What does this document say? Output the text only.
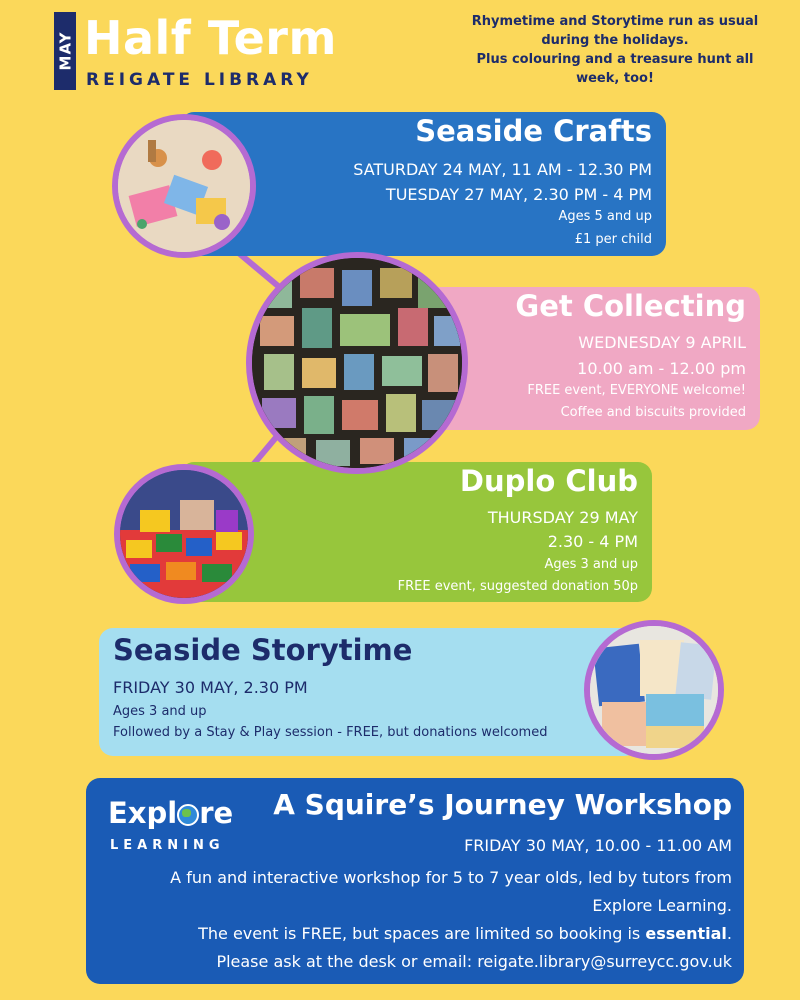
MAY Half Term
REIGATE LIBRARY
Rhymetime and Storytime run as usual
during the holidays.
Plus colouring and a treasure hunt all
week, too!
Seaside Crafts
SATURDAY 24 MAY, 11 AM - 12.30 PM
TUESDAY 27 MAY, 2.30 PM - 4 PM
Ages 5 and up
£1 per child
Get Collecting
WEDNESDAY 9 APRIL
10.00 am - 12.00 pm
FREE event, EVERYONE welcome!
Coffee and biscuits provided
Duplo Club
THURSDAY 29 MAY
2.30 - 4 PM
Ages 3 and up
FREE event, suggested donation 50p
Seaside Storytime
FRIDAY 30 MAY, 2.30 PM
Ages 3 and up
Followed by a Stay & Play session - FREE, but donations welcomed
Expl re
LEARNING
A Squire’s Journey Workshop
FRIDAY 30 MAY, 10.00 - 11.00 AM
A fun and interactive workshop for 5 to 7 year olds, led by tutors from
Explore Learning.
The event is FREE, but spaces are limited so booking is essential.
Please ask at the desk or email: reigate.library@surreycc.gov.uk
